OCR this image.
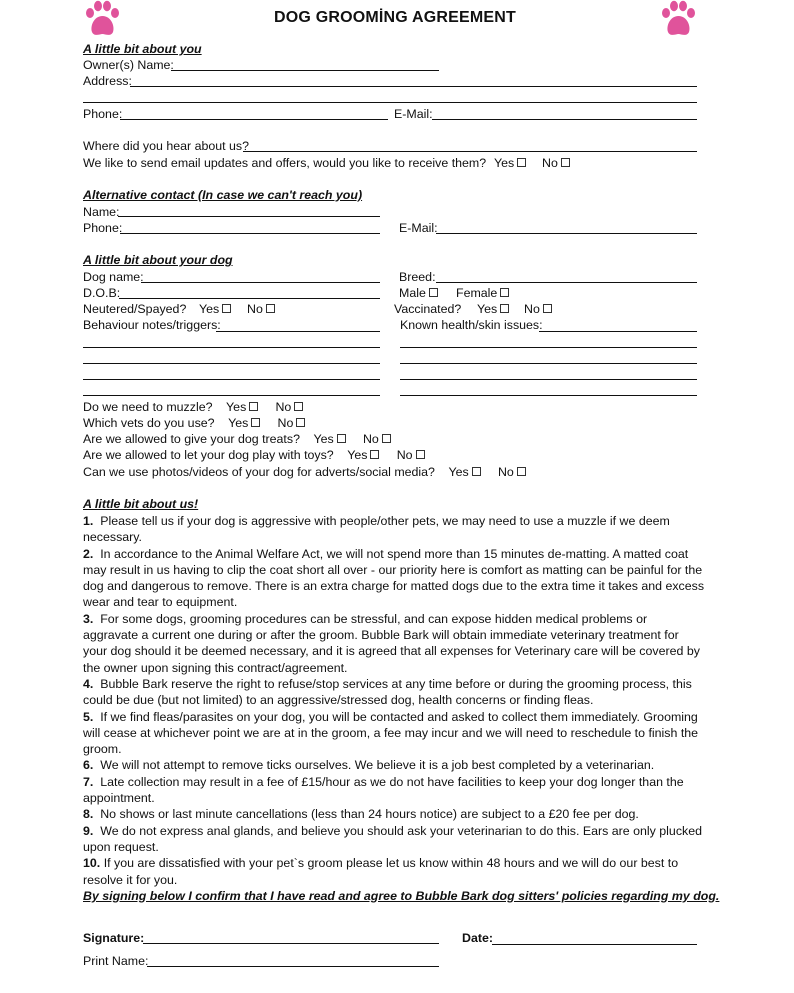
DOG GROOMİNG AGREEMENT
A little bit about you
Owner(s) Name:
Address:
Phone:	E-Mail:
Where did you hear about us?
We like to send email updates and offers, would you like to receive them? Yes	No
Alternative contact (In case we can't reach you)
Name:
Phone:	E-Mail:
A little bit about your dog
Dog name:	Breed:
D.O.B:	Male	Female
Neutered/Spayed? Yes	No	Vaccinated? Yes	No
Behaviour notes/triggers:	Known health/skin issues:
Do we need to muzzle? Yes No
Which vets do you use? Yes No
Are we allowed to give your dog treats? Yes No
Are we allowed to let your dog play with toys? Yes No
Can we use photos/videos of your dog for adverts/social media? Yes No
A little bit about us!

1. Please tell us if your dog is aggressive with people/other pets, we may need to use a muzzle if we deem necessary.

2. In accordance to the Animal Welfare Act, we will not spend more than 15 minutes de-matting. A matted coat may result in us having to clip the coat short all over - our priority here is comfort as matting can be painful for the dog and dangerous to remove. There is an extra charge for matted dogs due to the extra time it takes and excess wear and tear to equipment.

3. For some dogs, grooming procedures can be stressful, and can expose hidden medical problems or aggravate a current one during or after the groom. Bubble Bark will obtain immediate veterinary treatment for your dog should it be deemed necessary, and it is agreed that all expenses for Veterinary care will be covered by the owner upon signing this contract/agreement.

4. Bubble Bark reserve the right to refuse/stop services at any time before or during the grooming process, this could be due (but not limited) to an aggressive/stressed dog, health concerns or finding fleas.

5. If we find fleas/parasites on your dog, you will be contacted and asked to collect them immediately. Grooming will cease at whichever point we are at in the groom, a fee may incur and we will need to reschedule to finish the groom.

6. We will not attempt to remove ticks ourselves. We believe it is a job best completed by a veterinarian.

7. Late collection may result in a fee of £15/hour as we do not have facilities to keep your dog longer than the appointment.

8. No shows or last minute cancellations (less than 24 hours notice) are subject to a £20 fee per dog.

9. We do not express anal glands, and believe you should ask your veterinarian to do this. Ears are only plucked upon request.

10. If you are dissatisfied with your pet`s groom please let us know within 48 hours and we will do our best to resolve it for you.

By signing below I confirm that I have read and agree to Bubble Bark dog sitters' policies regarding my dog.

Signature:	Date:
Print Name:
